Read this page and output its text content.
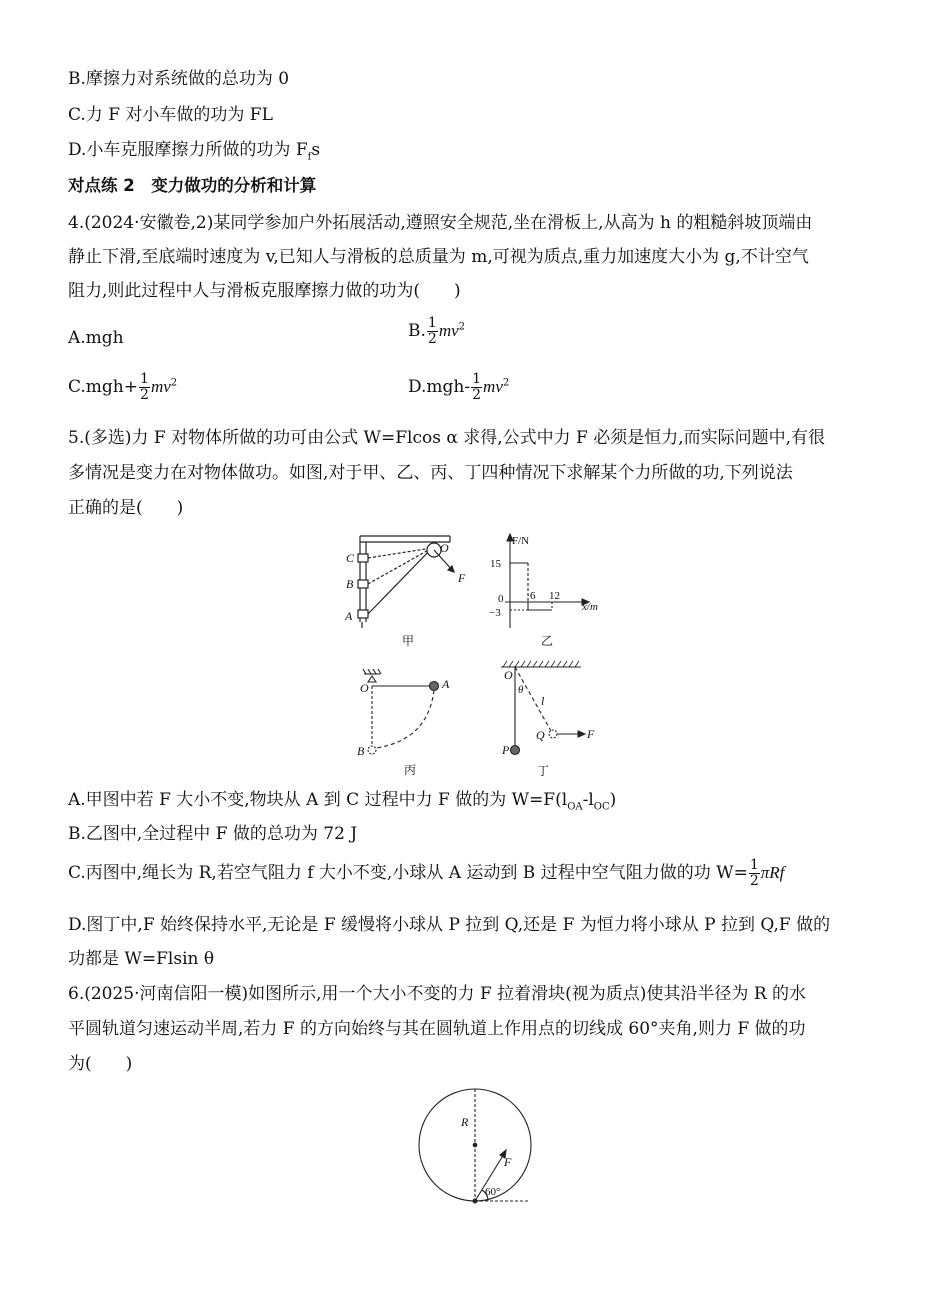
B.摩擦力对系统做的总功为 0
C.力 F 对小车做的功为 FL
D.小车克服摩擦力所做的功为 $F_fs$
对点练 2　变力做功的分析和计算
4.(2024·安徽卷,2)某同学参加户外拓展活动,遵照安全规范,坐在滑板上,从高为 h 的粗糙斜坡顶端由
静止下滑,至底端时速度为 v,已知人与滑板的总质量为 m,可视为质点,重力加速度大小为 g,不计空气
阻力,则此过程中人与滑板克服摩擦力做的功为(　　)
A.mgh	B. $\frac{1}{2} mv^2$
$C.mgh+ \frac{1}{2} mv^2$	$D.mgh- \frac{1}{2} mv^2$
5.(多选)力 F 对物体所做的功可由公式 W=Flcos α 求得,公式中力 F 必须是恒力,而实际问题中,有很
多情况是变力在对物体做功。如图,对于甲、乙、丙、丁四种情况下求解某个力所做的功,下列说法
正确的是(　　)
C
B
A
O
F
甲
F/N
15
0
−3
6 12
x/m
乙
O	A
B
丙
O
θ
l
Q	F
P
丁
A.甲图中若 F 大小不变,物块从 A 到 C 过程中力 F 做的为 $W=F(l_{OA}-l_{OC})$
B.乙图中,全过程中 F 做的总功为 72 J
C.丙图中,绳长为 R,若空气阻力 f 大小不变,小球从 A 运动到 B 过程中空气阻力做的功 $W= \frac{1}{2}$ πRf
D.图丁中,F 始终保持水平,无论是 F 缓慢将小球从 P 拉到 Q,还是 F 为恒力将小球从 P 拉到 Q,F 做的
功都是 W=Flsin θ
6.(2025·河南信阳一模)如图所示,用一个大小不变的力 F 拉着滑块(视为质点)使其沿半径为 R 的水
平圆轨道匀速运动半周,若力 F 的方向始终与其在圆轨道上作用点的切线成 60°夹角,则力 F 做的功
为(　　)
R
F
60°
